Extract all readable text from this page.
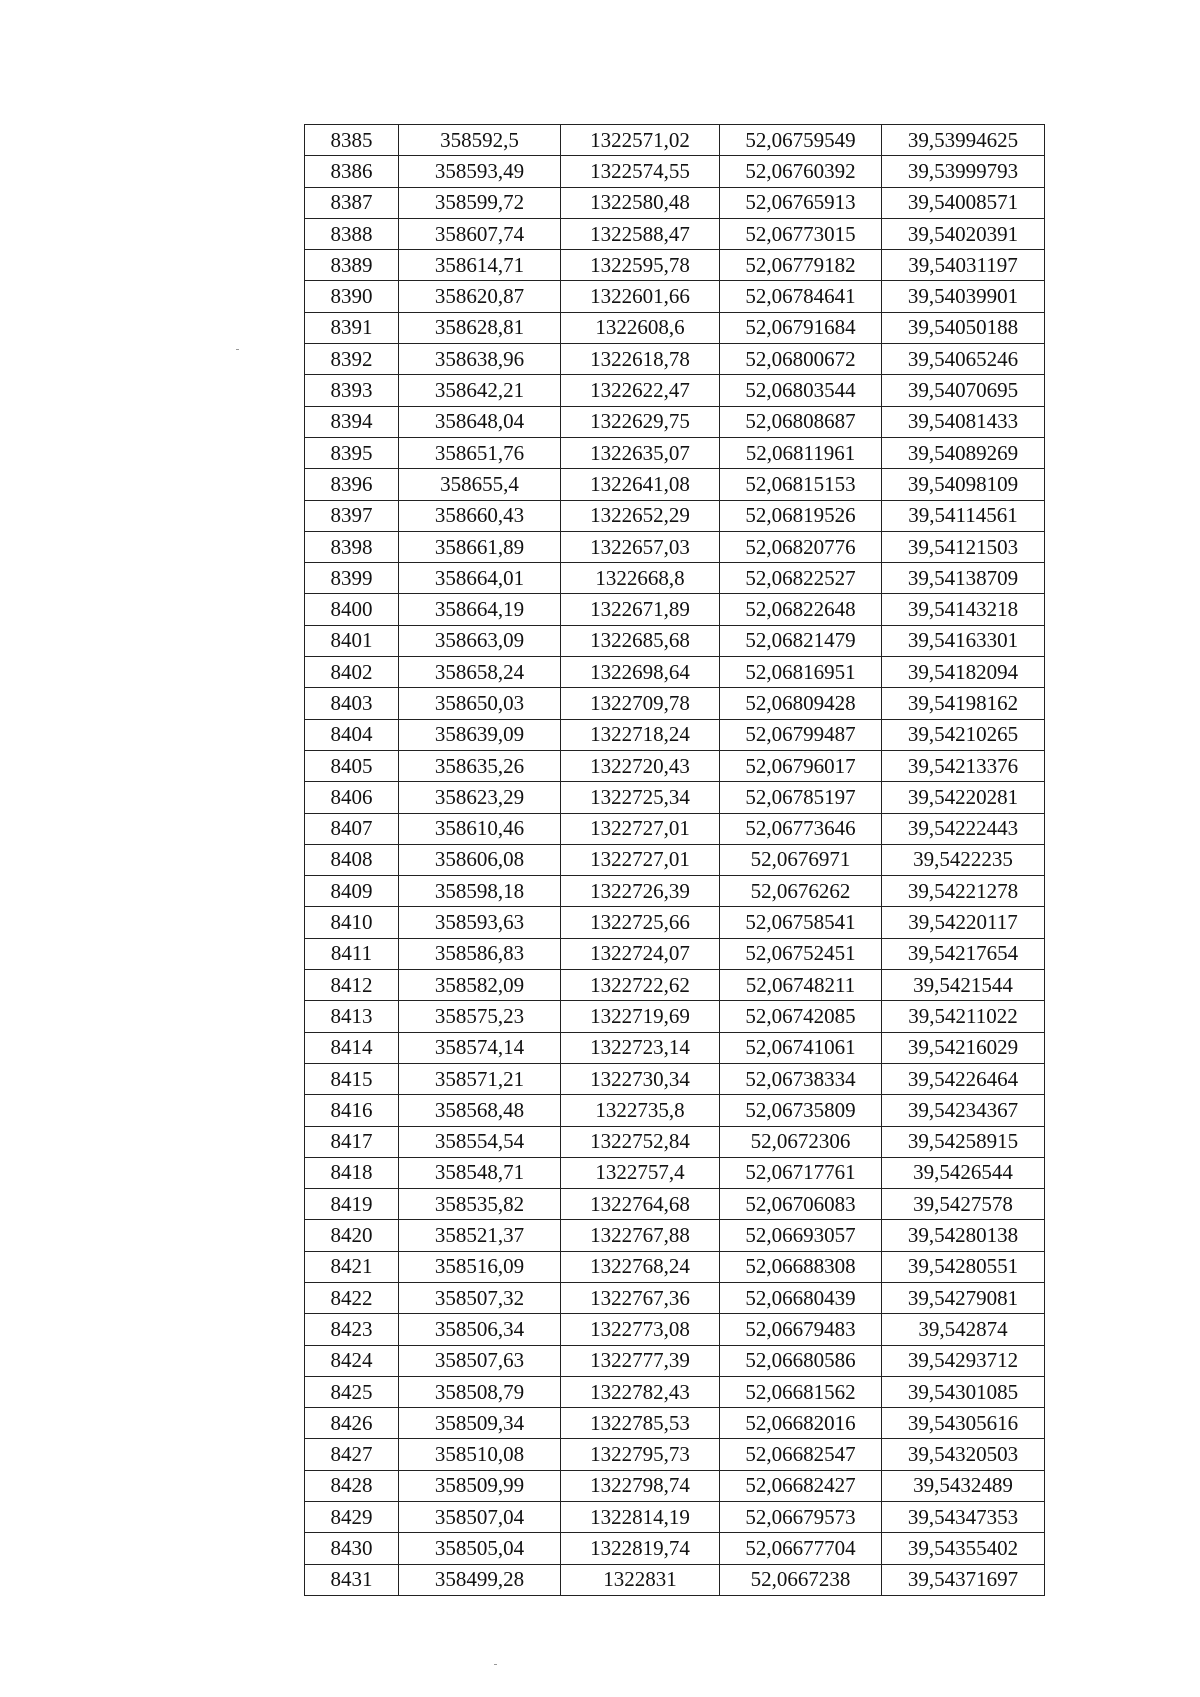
8385	358592,5	1322571,02	52,06759549	39,53994625
8386	358593,49	1322574,55	52,06760392	39,53999793
8387	358599,72	1322580,48	52,06765913	39,54008571
8388	358607,74	1322588,47	52,06773015	39,54020391
8389	358614,71	1322595,78	52,06779182	39,54031197
8390	358620,87	1322601,66	52,06784641	39,54039901
8391	358628,81	1322608,6	52,06791684	39,54050188
8392	358638,96	1322618,78	52,06800672	39,54065246
8393	358642,21	1322622,47	52,06803544	39,54070695
8394	358648,04	1322629,75	52,06808687	39,54081433
8395	358651,76	1322635,07	52,06811961	39,54089269
8396	358655,4	1322641,08	52,06815153	39,54098109
8397	358660,43	1322652,29	52,06819526	39,54114561
8398	358661,89	1322657,03	52,06820776	39,54121503
8399	358664,01	1322668,8	52,06822527	39,54138709
8400	358664,19	1322671,89	52,06822648	39,54143218
8401	358663,09	1322685,68	52,06821479	39,54163301
8402	358658,24	1322698,64	52,06816951	39,54182094
8403	358650,03	1322709,78	52,06809428	39,54198162
8404	358639,09	1322718,24	52,06799487	39,54210265
8405	358635,26	1322720,43	52,06796017	39,54213376
8406	358623,29	1322725,34	52,06785197	39,54220281
8407	358610,46	1322727,01	52,06773646	39,54222443
8408	358606,08	1322727,01	52,0676971	39,5422235
8409	358598,18	1322726,39	52,0676262	39,54221278
8410	358593,63	1322725,66	52,06758541	39,54220117
8411	358586,83	1322724,07	52,06752451	39,54217654
8412	358582,09	1322722,62	52,06748211	39,5421544
8413	358575,23	1322719,69	52,06742085	39,54211022
8414	358574,14	1322723,14	52,06741061	39,54216029
8415	358571,21	1322730,34	52,06738334	39,54226464
8416	358568,48	1322735,8	52,06735809	39,54234367
8417	358554,54	1322752,84	52,0672306	39,54258915
8418	358548,71	1322757,4	52,06717761	39,5426544
8419	358535,82	1322764,68	52,06706083	39,5427578
8420	358521,37	1322767,88	52,06693057	39,54280138
8421	358516,09	1322768,24	52,06688308	39,54280551
8422	358507,32	1322767,36	52,06680439	39,54279081
8423	358506,34	1322773,08	52,06679483	39,542874
8424	358507,63	1322777,39	52,06680586	39,54293712
8425	358508,79	1322782,43	52,06681562	39,54301085
8426	358509,34	1322785,53	52,06682016	39,54305616
8427	358510,08	1322795,73	52,06682547	39,54320503
8428	358509,99	1322798,74	52,06682427	39,5432489
8429	358507,04	1322814,19	52,06679573	39,54347353
8430	358505,04	1322819,74	52,06677704	39,54355402
8431	358499,28	1322831	52,0667238	39,54371697
